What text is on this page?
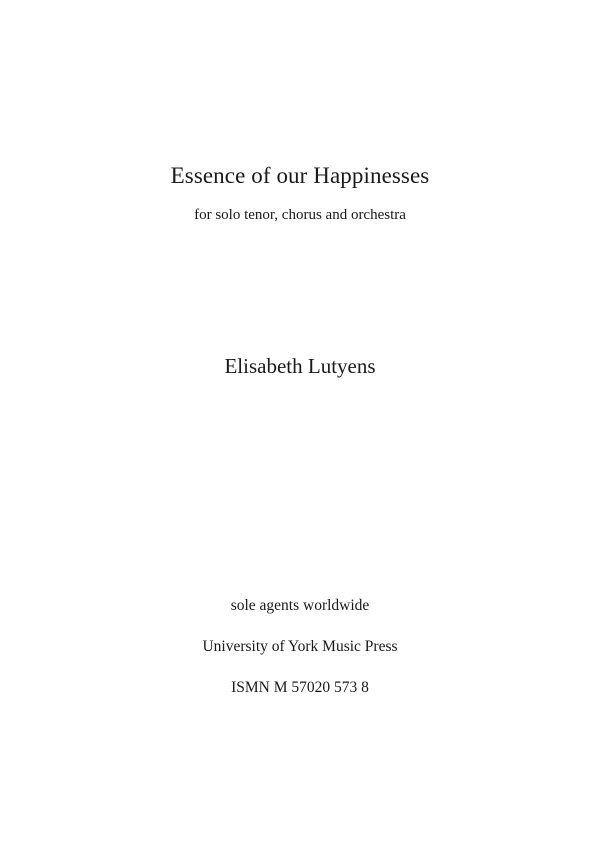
Essence of our Happinesses
for solo tenor, chorus and orchestra
Elisabeth Lutyens
sole agents worldwide
University of York Music Press
ISMN M 57020 573 8
